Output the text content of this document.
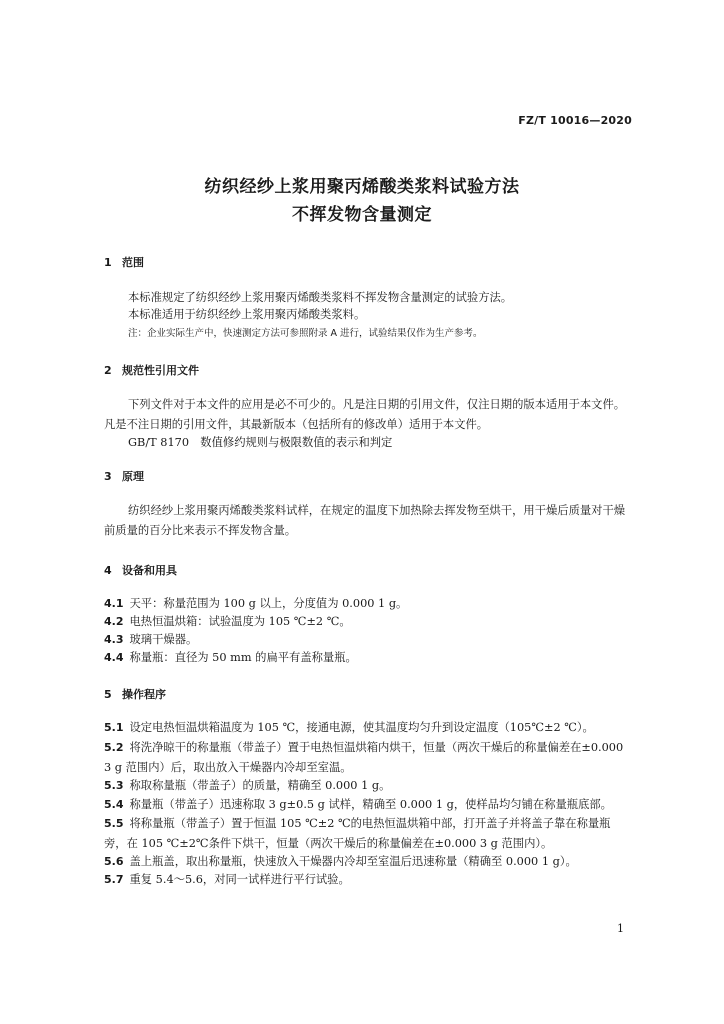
FZ/T 10016—2020
纺织经纱上浆用聚丙烯酸类浆料试验方法
不挥发物含量测定
1 范围
本标准规定了纺织经纱上浆用聚丙烯酸类浆料不挥发物含量测定的试验方法。
本标准适用于纺织经纱上浆用聚丙烯酸类浆料。
注：企业实际生产中，快速测定方法可参照附录 A 进行，试验结果仅作为生产参考。
2 规范性引用文件
下列文件对于本文件的应用是必不可少的。凡是注日期的引用文件，仅注日期的版本适用于本文件。凡是不注日期的引用文件，其最新版本（包括所有的修改单）适用于本文件。
GB/T 8170　数值修约规则与极限数值的表示和判定
3 原理
纺织经纱上浆用聚丙烯酸类浆料试样，在规定的温度下加热除去挥发物至烘干，用干燥后质量对干燥前质量的百分比来表示不挥发物含量。
4 设备和用具
4.1 天平：称量范围为 100 g 以上，分度值为 0.000 1 g。
4.2 电热恒温烘箱：试验温度为 105 ℃±2 ℃。
4.3 玻璃干燥器。
4.4 称量瓶：直径为 50 mm 的扁平有盖称量瓶。
5 操作程序
5.1 设定电热恒温烘箱温度为 105 ℃，接通电源，使其温度均匀升到设定温度（105℃±2 ℃）。
5.2 将洗净晾干的称量瓶（带盖子）置于电热恒温烘箱内烘干，恒量（两次干燥后的称量偏差在±0.000 3 g 范围内）后，取出放入干燥器内冷却至室温。
5.3 称取称量瓶（带盖子）的质量，精确至 0.000 1 g。
5.4 称量瓶（带盖子）迅速称取 3 g±0.5 g 试样，精确至 0.000 1 g，使样品均匀铺在称量瓶底部。
5.5 将称量瓶（带盖子）置于恒温 105 ℃±2 ℃的电热恒温烘箱中部，打开盖子并将盖子靠在称量瓶旁，在 105 ℃±2℃条件下烘干，恒量（两次干燥后的称量偏差在±0.000 3 g 范围内）。
5.6 盖上瓶盖，取出称量瓶，快速放入干燥器内冷却至室温后迅速称量（精确至 0.000 1 g）。
5.7 重复 5.4～5.6，对同一试样进行平行试验。
1
